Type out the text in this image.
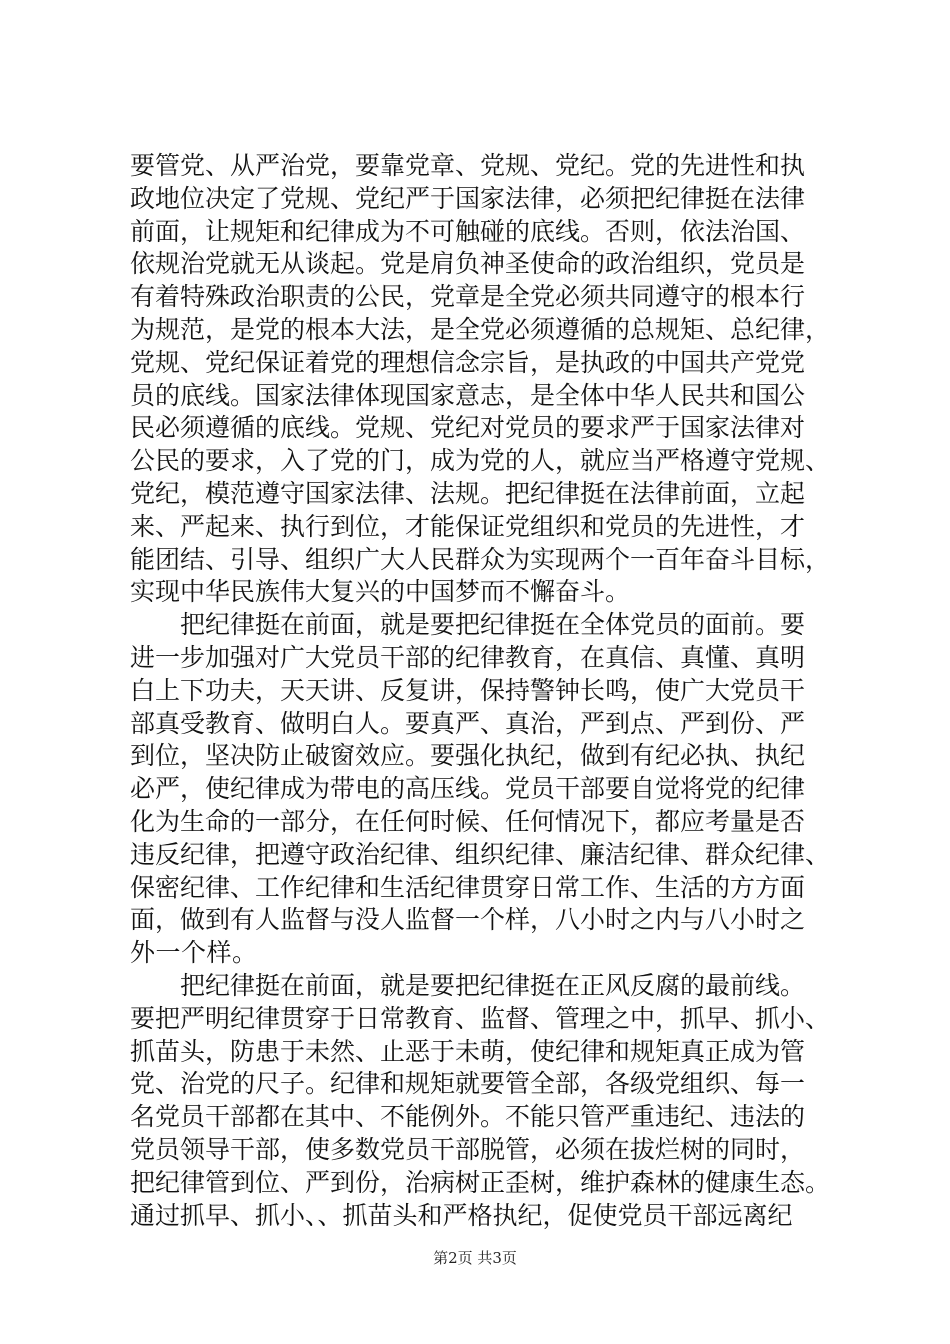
要管党、从严治党，要靠党章、党规、党纪。党的先进性和执
政地位决定了党规、党纪严于国家法律，必须把纪律挺在法律
前面，让规矩和纪律成为不可触碰的底线。否则，依法治国、
依规治党就无从谈起。党是肩负神圣使命的政治组织，党员是
有着特殊政治职责的公民，党章是全党必须共同遵守的根本行
为规范，是党的根本大法，是全党必须遵循的总规矩、总纪律，
党规、党纪保证着党的理想信念宗旨，是执政的中国共产党党
员的底线。国家法律体现国家意志，是全体中华人民共和国公
民必须遵循的底线。党规、党纪对党员的要求严于国家法律对
公民的要求，入了党的门，成为党的人，就应当严格遵守党规、
党纪，模范遵守国家法律、法规。把纪律挺在法律前面，立起
来、严起来、执行到位，才能保证党组织和党员的先进性，才
能团结、引导、组织广大人民群众为实现两个一百年奋斗目标，
实现中华民族伟大复兴的中国梦而不懈奋斗。
　　把纪律挺在前面，就是要把纪律挺在全体党员的面前。要
进一步加强对广大党员干部的纪律教育，在真信、真懂、真明
白上下功夫，天天讲、反复讲，保持警钟长鸣，使广大党员干
部真受教育、做明白人。要真严、真治，严到点、严到份、严
到位，坚决防止破窗效应。要强化执纪，做到有纪必执、执纪
必严，使纪律成为带电的高压线。党员干部要自觉将党的纪律
化为生命的一部分，在任何时候、任何情况下，都应考量是否
违反纪律，把遵守政治纪律、组织纪律、廉洁纪律、群众纪律、
保密纪律、工作纪律和生活纪律贯穿日常工作、生活的方方面
面，做到有人监督与没人监督一个样，八小时之内与八小时之
外一个样。
　　把纪律挺在前面，就是要把纪律挺在正风反腐的最前线。
要把严明纪律贯穿于日常教育、监督、管理之中，抓早、抓小、
抓苗头，防患于未然、止恶于未萌，使纪律和规矩真正成为管
党、治党的尺子。纪律和规矩就要管全部，各级党组织、每一
名党员干部都在其中、不能例外。不能只管严重违纪、违法的
党员领导干部，使多数党员干部脱管，必须在拔烂树的同时，
把纪律管到位、严到份，治病树正歪树，维护森林的健康生态。
通过抓早、抓小、、抓苗头和严格执纪，促使党员干部远离纪
第2页 共3页
